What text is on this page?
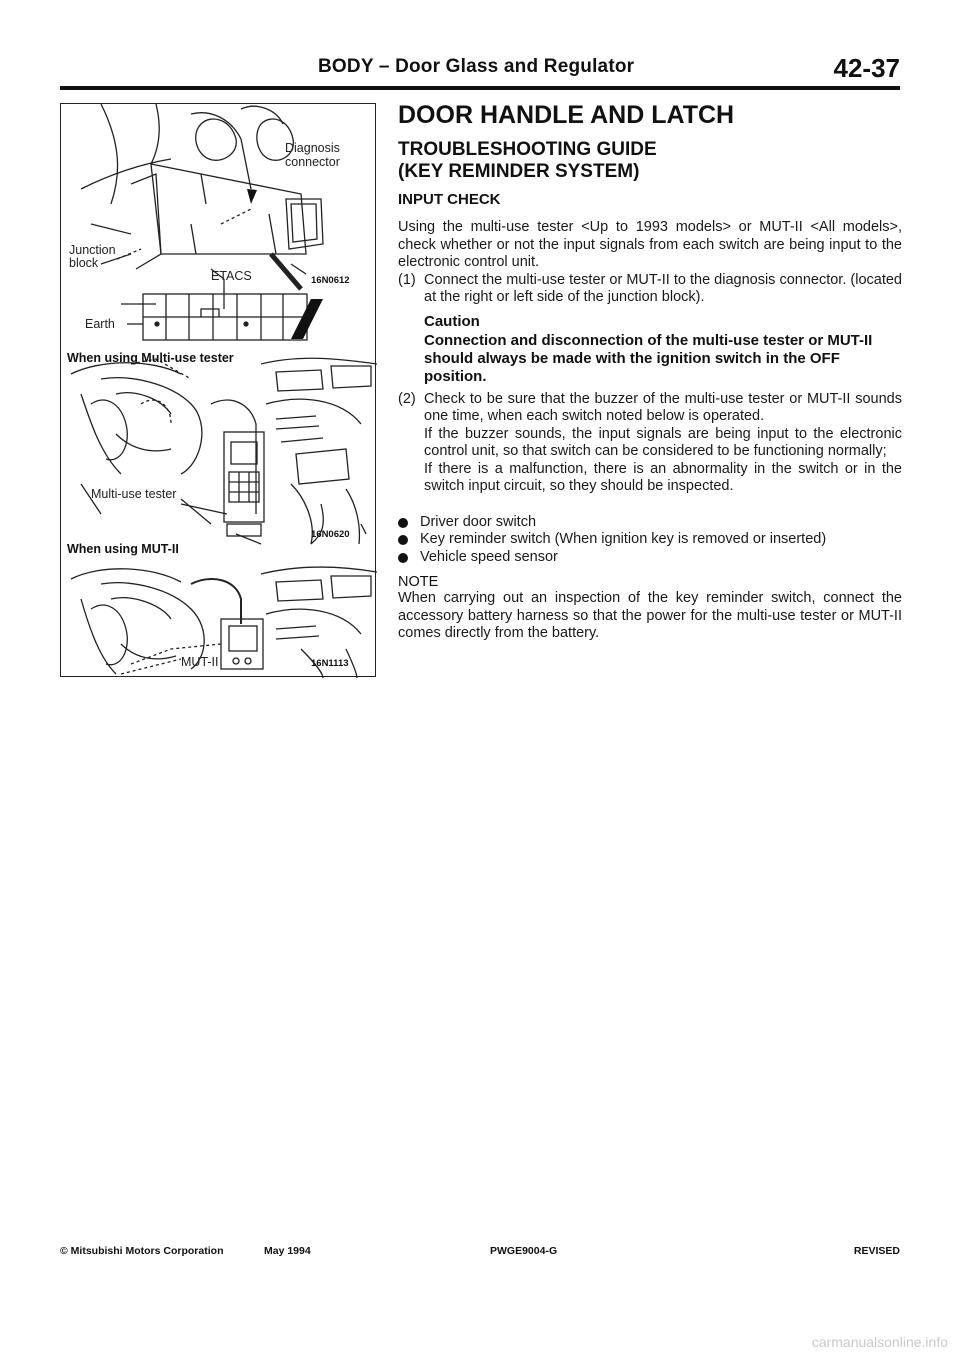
BODY – Door Glass and Regulator	42-37
Diagnosis
connector
Junction
block
ETACS
Earth
16N0612
When using Multi-use tester
Multi-use tester
16N0620
When using MUT-II
MUT-II	16N1113
DOOR HANDLE AND LATCH
TROUBLESHOOTING GUIDE
(KEY REMINDER SYSTEM)
INPUT CHECK

Using the multi-use tester <Up to 1993 models> or MUT-II <All models>, check whether or not the input signals from each switch are being input to the electronic control unit.

(1) Connect the multi-use tester or MUT-II to the diagnosis connector. (located at the right or left side of the junction block).
Caution
Connection and disconnection of the multi-use tester or MUT-II should always be made with the ignition switch in the OFF position.
(2) Check to be sure that the buzzer of the multi-use tester or MUT-II sounds one time, when each switch noted below is operated.
If the buzzer sounds, the input signals are being input to the electronic control unit, so that switch can be considered to be functioning normally;
If there is a malfunction, there is an abnormality in the switch or in the switch input circuit, so they should be inspected.
Driver door switch
Key reminder switch (When ignition key is removed or inserted)
Vehicle speed sensor
NOTE

When carrying out an inspection of the key reminder switch, connect the accessory battery harness so that the power for the multi-use tester or MUT-II comes directly from the battery.

© Mitsubishi Motors Corporation	May 1994	PWGE9004-G	REVISED
carmanualsonline.info
